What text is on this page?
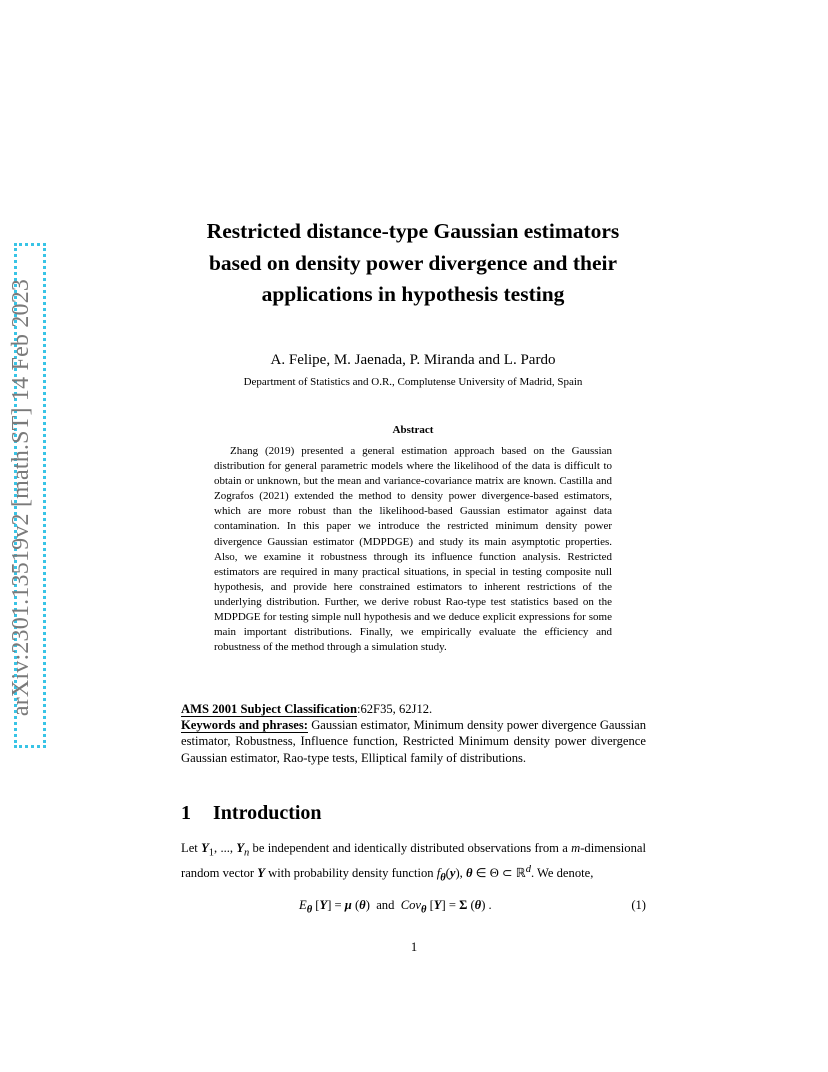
arXiv:2301.13519v2 [math.ST] 14 Feb 2023
Restricted distance-type Gaussian estimators based on density power divergence and their applications in hypothesis testing
A. Felipe, M. Jaenada, P. Miranda and L. Pardo
Department of Statistics and O.R., Complutense University of Madrid, Spain
Abstract
Zhang (2019) presented a general estimation approach based on the Gaussian distribution for general parametric models where the likelihood of the data is difficult to obtain or unknown, but the mean and variance-covariance matrix are known. Castilla and Zografos (2021) extended the method to density power divergence-based estimators, which are more robust than the likelihood-based Gaussian estimator against data contamination. In this paper we introduce the restricted minimum density power divergence Gaussian estimator (MDPDGE) and study its main asymptotic properties. Also, we examine it robustness through its influence function analysis. Restricted estimators are required in many practical situations, in special in testing composite null hypothesis, and provide here constrained estimators to inherent restrictions of the underlying distribution. Further, we derive robust Rao-type test statistics based on the MDPDGE for testing simple null hypothesis and we deduce explicit expressions for some main important distributions. Finally, we empirically evaluate the efficiency and robustness of the method through a simulation study.
AMS 2001 Subject Classification:62F35, 62J12.
Keywords and phrases: Gaussian estimator, Minimum density power divergence Gaussian estimator, Robustness, Influence function, Restricted Minimum density power divergence Gaussian estimator, Rao-type tests, Elliptical family of distributions.
1 Introduction
Let $Y_1$, ..., $Y_n$ be independent and identically distributed observations from a m-dimensional random vector Y with probability density function $f_\theta(y)$, θ ∈ Θ ⊂ ℝ$^d$. We denote,
$E_\theta$ [Y] = μ (θ)  and  Cov$_\theta$ [Y] = Σ (θ) .	(1)
1
